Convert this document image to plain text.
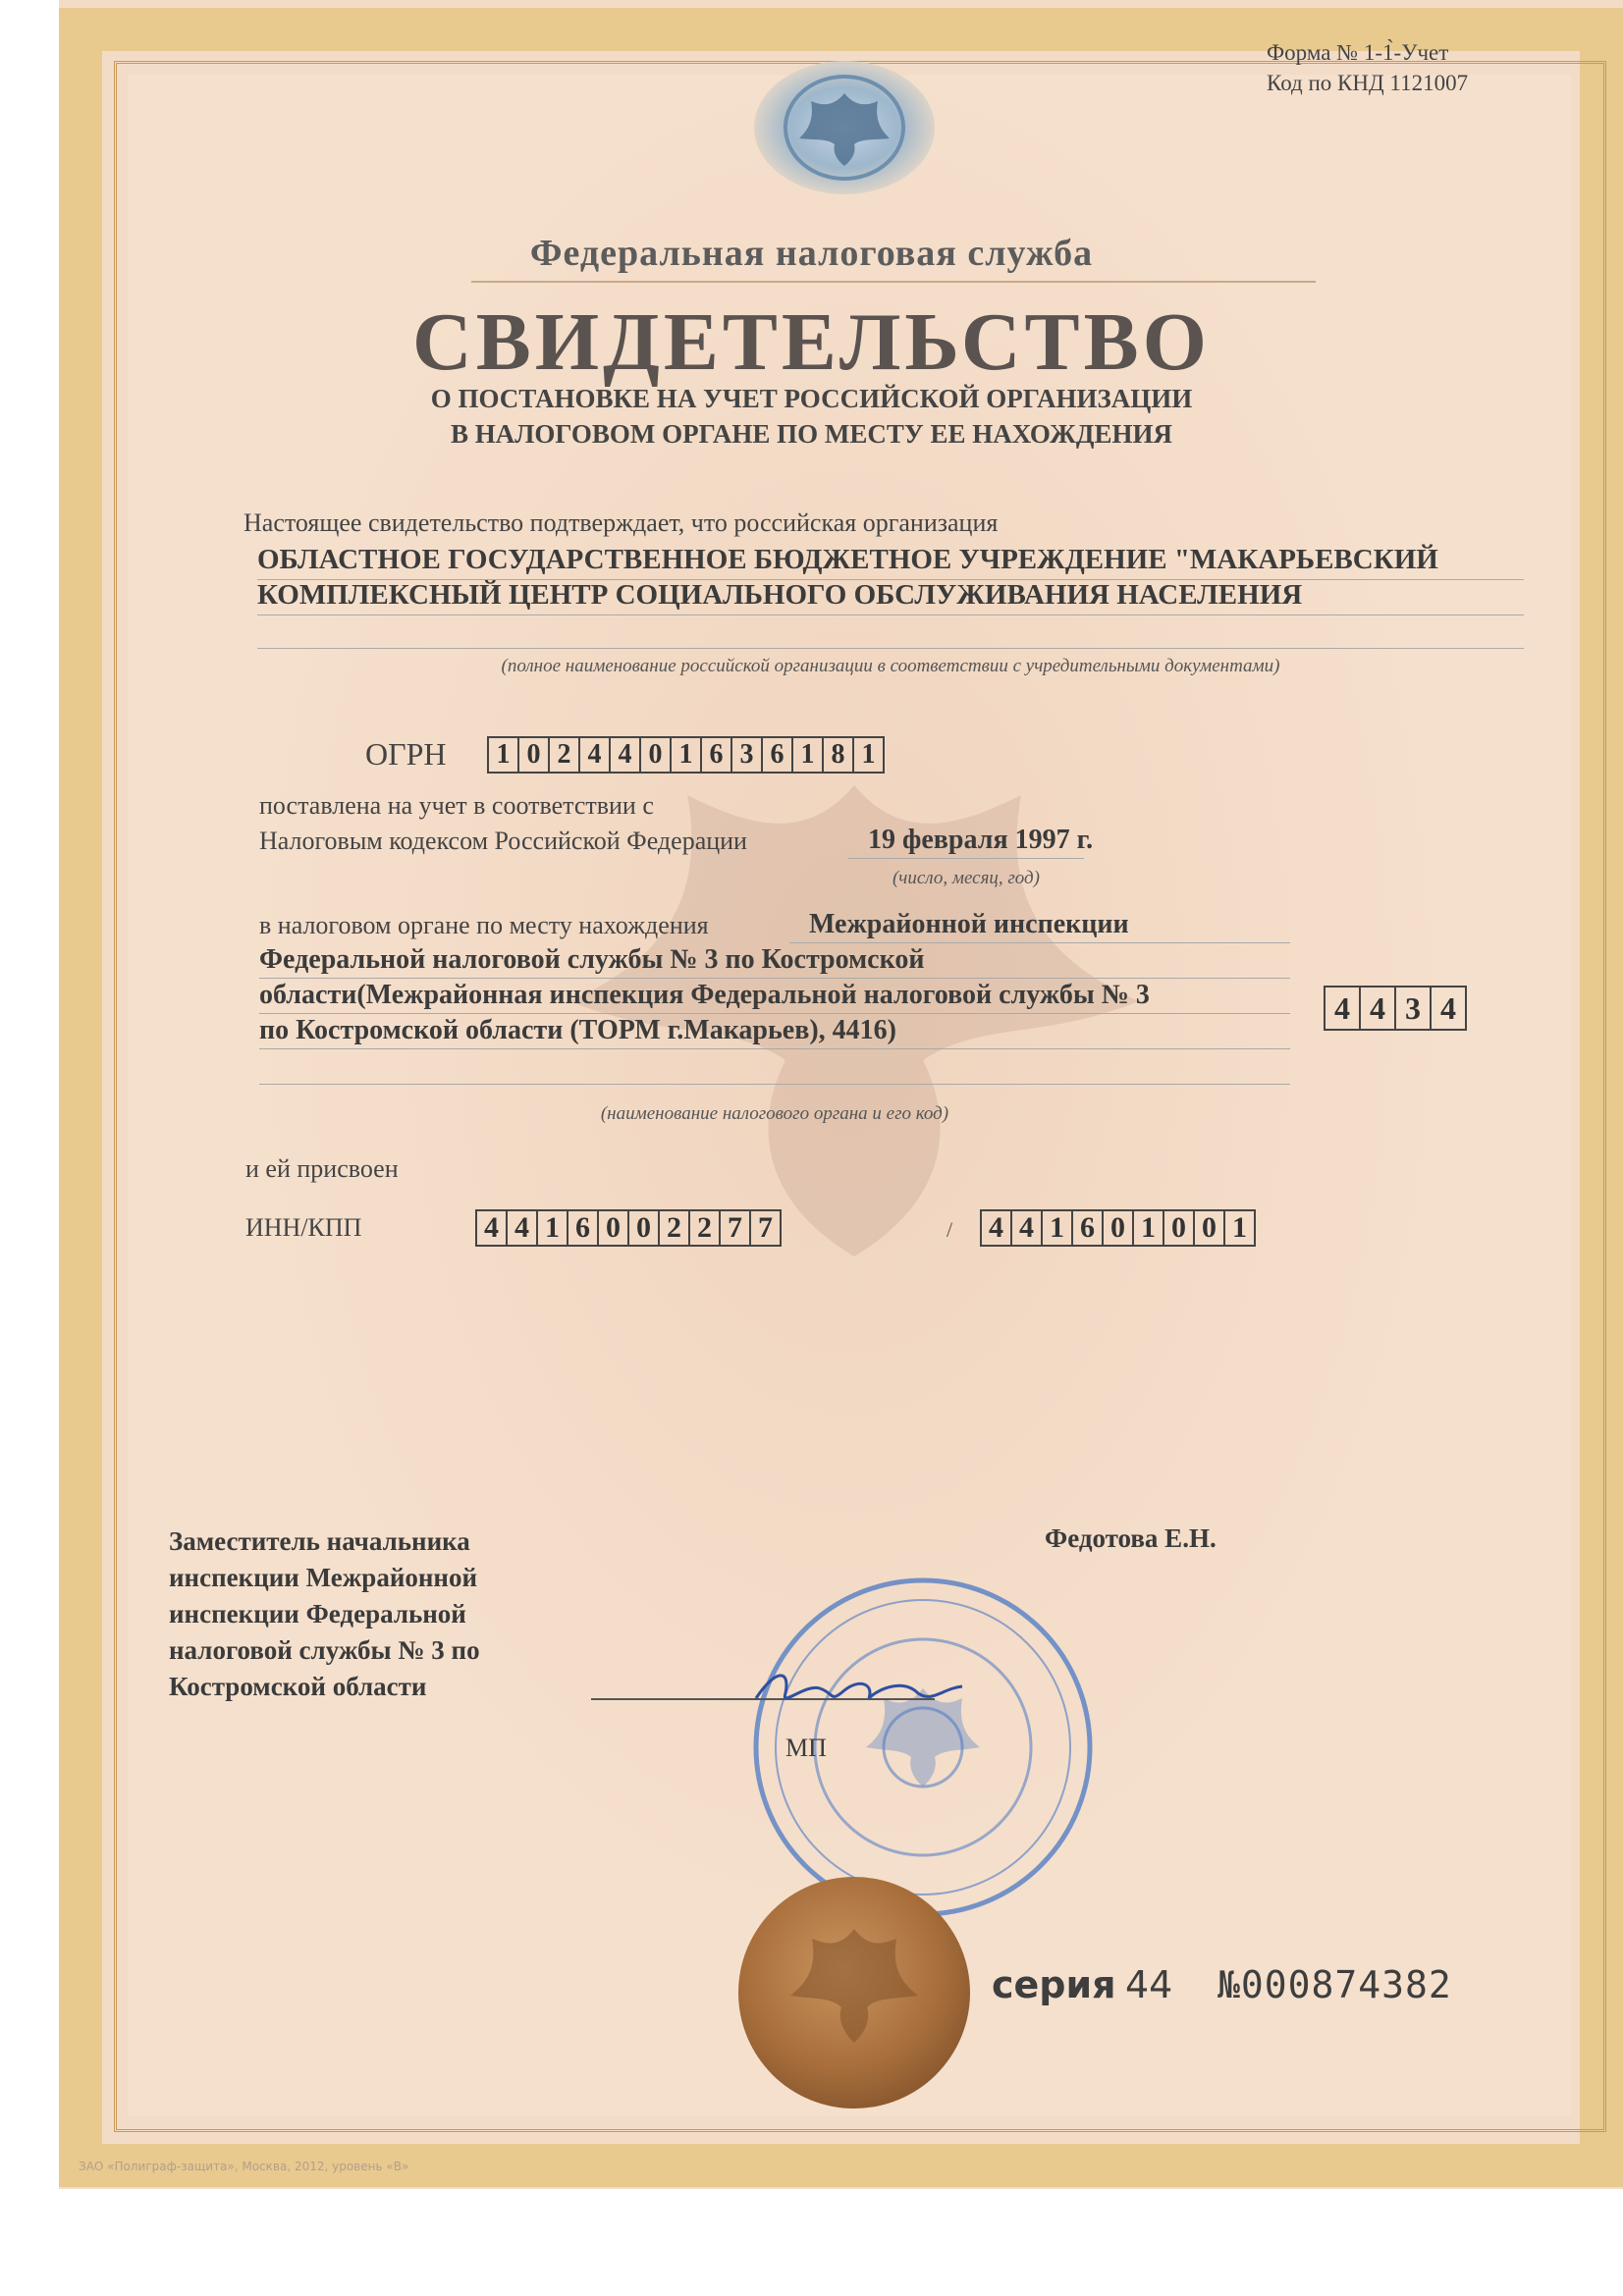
Форма № 1-1̀-Учет
Код по КНД 1121007
Федеральная налоговая служба
СВИДЕТЕЛЬСТВО
О ПОСТАНОВКЕ НА УЧЕТ РОССИЙСКОЙ ОРГАНИЗАЦИИ
В НАЛОГОВОМ ОРГАНЕ ПО МЕСТУ ЕЕ НАХОЖДЕНИЯ
Настоящее свидетельство подтверждает, что российская организация
ОБЛАСТНОЕ ГОСУДАРСТВЕННОЕ БЮДЖЕТНОЕ УЧРЕЖДЕНИЕ "МАКАРЬЕВСКИЙ
КОМПЛЕКСНЫЙ ЦЕНТР СОЦИАЛЬНОГО ОБСЛУЖИВАНИЯ НАСЕЛЕНИЯ
(полное наименование российской организации в соответствии с учредительными документами)
ОГРН 1 0 2 4 4 0 1 6 3 6 1 8 1
поставлена на учет в соответствии с
Налоговым кодексом Российской Федерации	19 февраля 1997 г.
(число, месяц, год)
в налоговом органе по месту нахождения	Межрайонной инспекции
Федеральной налоговой службы № 3 по Костромской
области(Межрайонная инспекция Федеральной налоговой службы № 3
по Костромской области (ТОРМ г.Макарьев), 4416)
4 4 3 4
(наименование налогового органа и его код)
и ей присвоен
ИНН/КПП	4 4 1 6 0 0 2 2 7 7	/ 4 4 1 6 0 1 0 0 1
Заместитель начальника
инспекции Межрайонной
инспекции Федеральной
налоговой службы № 3 по
Костромской области
Федотова Е.Н.
МП
серия 44 №000874382
ЗАО «Полиграф-защита», Москва, 2012, уровень «В»
